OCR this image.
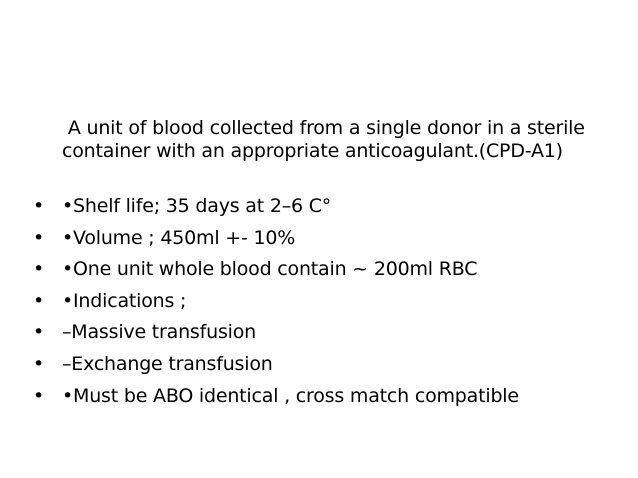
A unit of blood collected from a single donor in a sterile container with an appropriate anticoagulant.(CPD-A1)
• •Shelf life; 35 days at 2–6 C°
• •Volume ; 450ml +- 10%
• •One unit whole blood contain ~ 200ml RBC
• •Indications ;
• –Massive transfusion
• –Exchange transfusion
• •Must be ABO identical , cross match compatible
